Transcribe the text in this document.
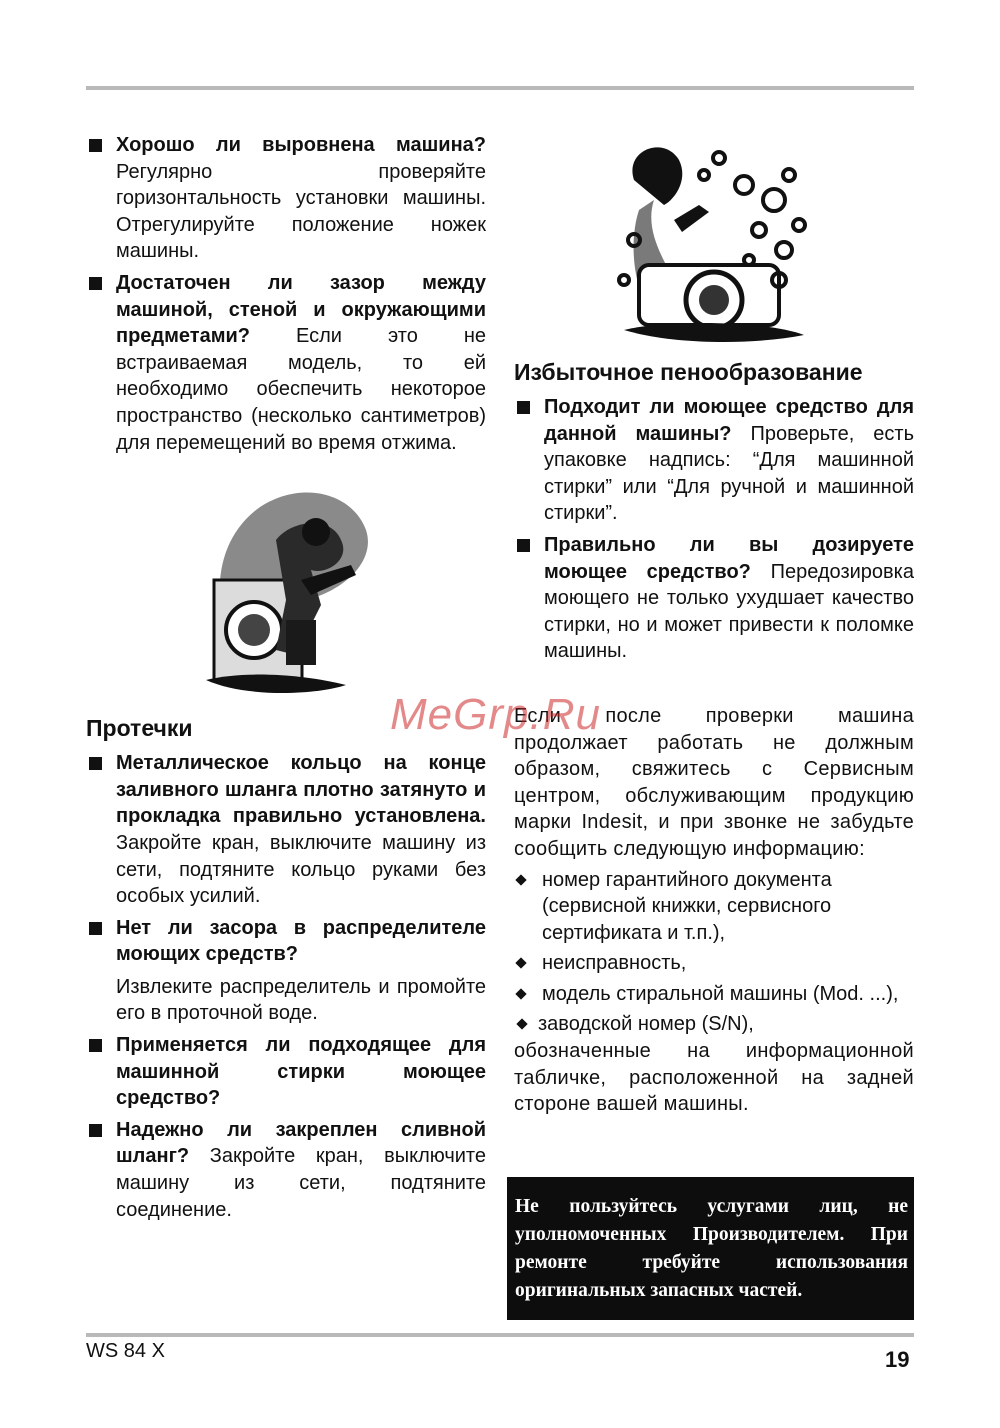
Хорошо ли выровнена машина? Регулярно проверяйте горизонтальность установки машины. Отрегулируйте положение ножек машины.
Достаточен ли зазор между машиной, стеной и окружающими предметами? Если это не встраиваемая модель, то ей необходимо обеспечить некоторое пространство (несколько сантиметров) для перемещений во время отжима.
Протечки
Металлическое кольцо на конце заливного шланга плотно затянуто и прокладка правильно установлена. Закройте кран, выключите машину из сети, подтяните кольцо руками без особых усилий.
Нет ли засора в распределителе моющих средств?
Извлеките распределитель и промойте его в проточной воде.
Применяется ли подходящее для машинной стирки моющее средство?
Надежно ли закреплен сливной шланг? Закройте кран, выключите машину из сети, подтяните соединение.
Избыточное пенообразование
Подходит ли моющее средство для данной машины? Проверьте, есть упаковке надпись: “Для машинной стирки” или “Для ручной и машинной стирки”.
Правильно ли вы дозируете моющее средство? Передозировка моющего не только ухудшает качество стирки, но и может привести к поломке машины.
Если после проверки машина продолжает работать не должным образом, свяжитесь с Сервисным центром, обслуживающим продукцию марки Indesit, и при звонке не забудьте сообщить следующую информацию:
номер гарантийного документа (сервисной книжки, сервисного сертификата и т.п.),
неисправность,
модель стиральной машины (Mod. ...),
заводской номер (S/N),
обозначенные на информационной табличке, расположенной на задней стороне вашей машины.
Не пользуйтесь услугами лиц, не уполномоченных Производителем. При ремонте требуйте использования оригинальных запасных частей.
MeGrp.Ru
WS 84 X	19
